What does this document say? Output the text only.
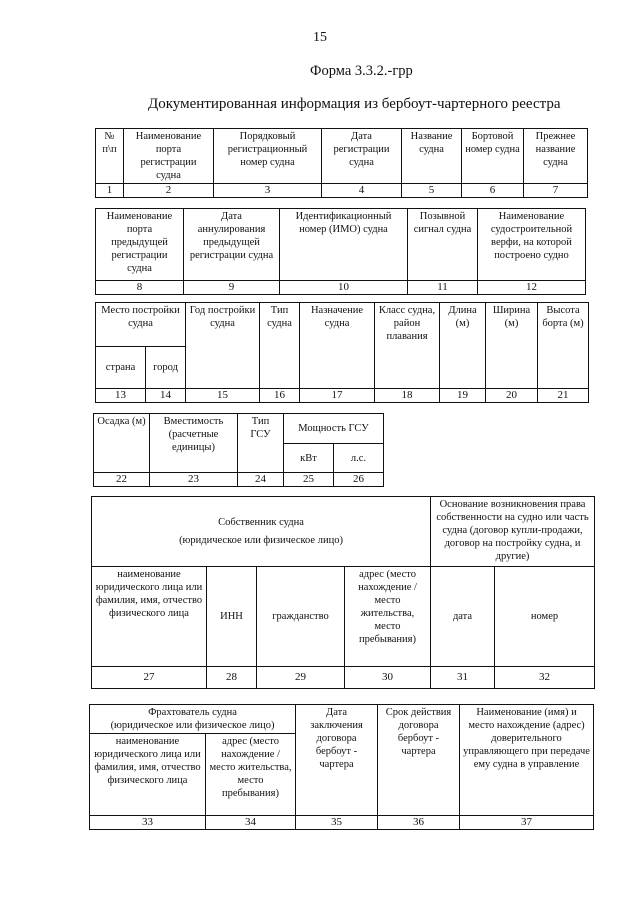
15
Форма 3.3.2.-грр
Документированная информация из бербоут-чартерного реестра
№ п\п	Наименование порта регистрации судна	Порядковый регистрационный номер судна	Дата регистрации судна	Название судна	Бортовой номер судна	Прежнее название судна
1	2	3	4	5	6	7
Наименование порта предыдущей регистрации судна	Дата аннулирования предыдущей регистрации судна	Идентификационный номер (ИМО) судна	Позывной сигнал судна	Наименование судостроительной верфи, на которой построено судно
8	9	10	11	12
Место постройки судна		Год постройки судна	Тип судна	Назначение судна	Класс судна, район плавания	Длина (м)	Ширина (м)	Высота борта (м)
страна	город							
13	14	15	16	17	18	19	20	21
Осадка (м)	Вместимость (расчетные единицы)	Тип ГСУ	Мощность ГСУ	
			кВт	л.с.
22	23	24	25	26
Собственник судна
(юридическое или физическое лицо)				Основание возникновения права собственности на судно или часть судна (договор купли-продажи, договор на постройку судна, и другие)	
наименование юридического лица или фамилия, имя, отчество физического лица	ИНН	гражданство	адрес (место нахождение / место жительства, место пребывания)	дата	номер
27	28	29	30	31	32
Фрахтователь судна
(юридическое или физическое лицо)		Дата заключения договора бербоут - чартера	Срок действия договора бербоут - чартера	Наименование (имя) и место нахождение (адрес) доверительного управляющего при передаче ему судна в управление
наименование юридического лица или фамилия, имя, отчество физического лица	адрес (место нахождение / место жительства, место пребывания)			
33	34	35	36	37
